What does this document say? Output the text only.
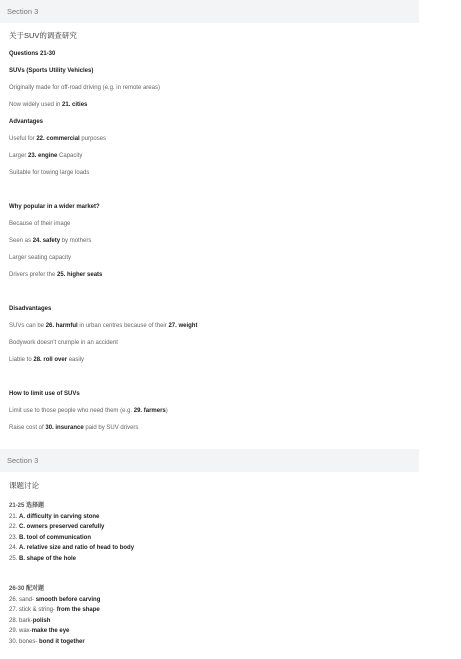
Section 3
关于SUV的调查研究
Questions 21-30
SUVs (Sports Utility Vehicles)
Originally made for off-road driving (e.g. in remote areas)
Now widely used in 21. cities
Advantages
Useful for 22. commercial purposes
Larger 23. engine Capacity
Suitable for towing large loads
Why popular in a wider market?
Because of their image
Seen as 24. safety by mothers
Larger seating capacity
Drivers prefer the 25. higher seats
Disadvantages
SUVs can be 26. harmful in urban centres because of their 27. weight
Bodywork doesn't crumple in an accident
Liable to 28. roll over easily
How to limit use of SUVs
Limit use to those people who need them (e.g. 29. farmers)
Raise cost of 30. insurance paid by SUV drivers
Section 3
课题讨论
21-25 选择题
21. A. difficulty in carving stone
22. C. owners preserved carefully
23. B. tool of communication
24. A. relative size and ratio of head to body
25. B. shape of the hole
26-30 配对题
26. sand- smooth before carving
27. stick & string- from the shape
28. bark-polish
29. wax-make the eye
30. bones- bond it together
